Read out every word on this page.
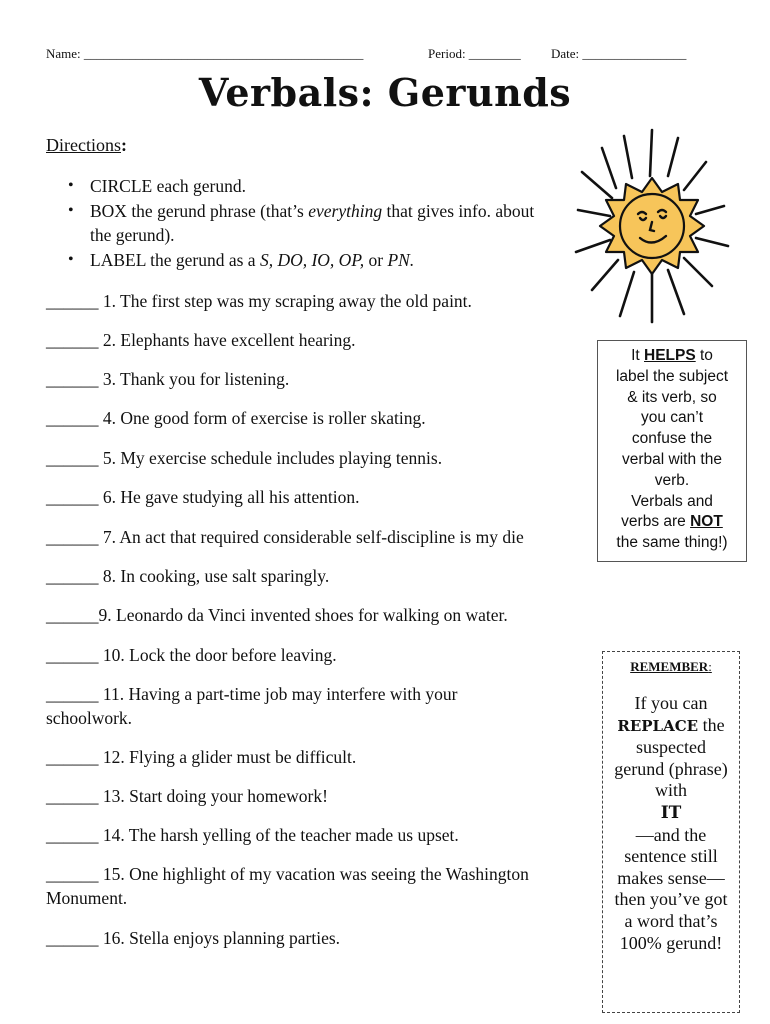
Name: ___________________________________________	Period: ________ Date: ________________
Verbals: Gerunds
Directions:
• CIRCLE each gerund.
• BOX the gerund phrase (that’s everything that gives info. about the gerund).
• LABEL the gerund as a S, DO, IO, OP, or PN.
______ 1. The first step was my scraping away the old paint.
______ 2. Elephants have excellent hearing.
______ 3. Thank you for listening.
______ 4. One good form of exercise is roller skating.
______ 5. My exercise schedule includes playing tennis.
______ 6. He gave studying all his attention.
______ 7. An act that required considerable self-discipline is my die
______ 8. In cooking, use salt sparingly.
______9. Leonardo da Vinci invented shoes for walking on water.
______ 10. Lock the door before leaving.
______ 11. Having a part-time job may interfere with your schoolwork.
______ 12. Flying a glider must be difficult.
______ 13. Start doing your homework!
______ 14. The harsh yelling of the teacher made us upset.
______ 15. One highlight of my vacation was seeing the Washington Monument.
______ 16. Stella enjoys planning parties.
It HELPS to
label the subject
& its verb, so
you can’t
confuse the
verbal with the
verb.
Verbals and
verbs are NOT
the same thing!)
REMEMBER:
If you can
REPLACE the suspected gerund (phrase) with
IT
—and the sentence still makes sense—then you’ve got a word that’s 100% gerund!
